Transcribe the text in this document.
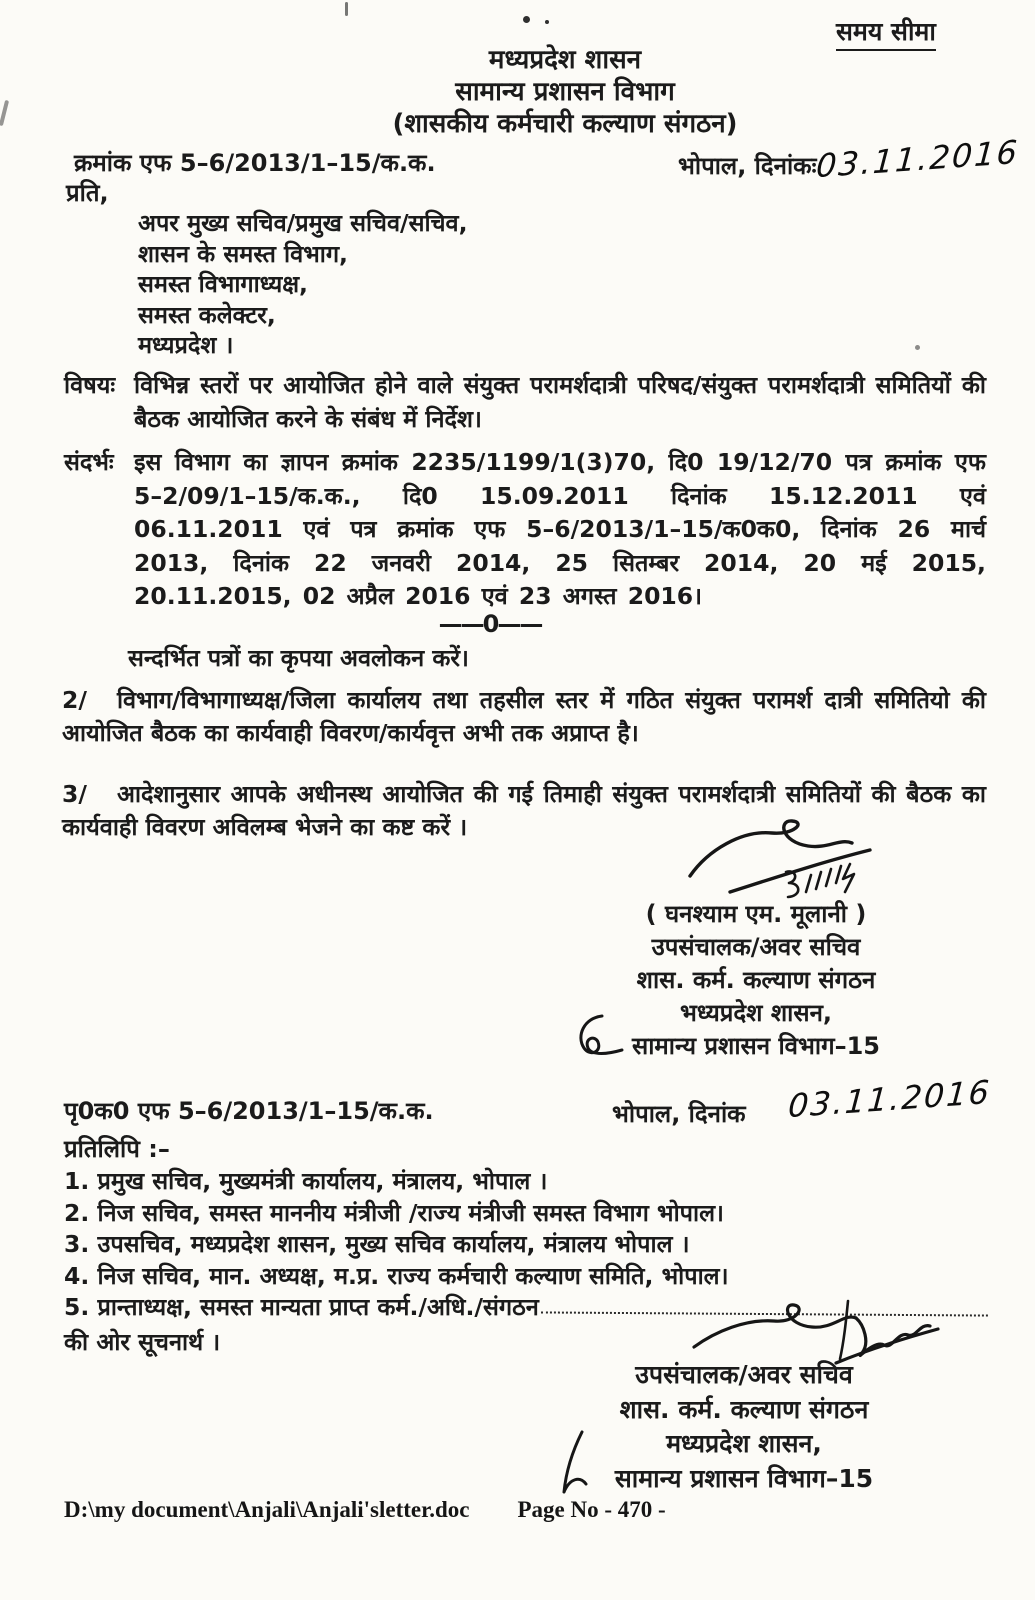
समय सीमा
मध्यप्रदेश शासन
सामान्य प्रशासन विभाग
(शासकीय कर्मचारी कल्याण संगठन)
क्रमांक एफ 5–6/2013/1–15/क.क.	भोपाल, दिनांकः
03.11.2016
प्रति,
अपर मुख्य सचिव/प्रमुख सचिव/सचिव,
शासन के समस्त विभाग,
समस्त विभागाध्यक्ष,
समस्त कलेक्टर,
मध्यप्रदेश ।
विषयः विभिन्न स्तरों पर आयोजित होने वाले संयुक्त परामर्शदात्री परिषद/संयुक्त परामर्शदात्री समितियों की बैठक आयोजित करने के संबंध में निर्देश।
संदर्भः इस विभाग का ज्ञापन क्रमांक 2235/1199/1(3)70, दि0 19/12/70 पत्र क्रमांक एफ 5–2/09/1–15/क.क., दि0 15.09.2011 दिनांक 15.12.2011 एवं 06.11.2011 एवं पत्र क्रमांक एफ 5–6/2013/1–15/क0क0, दिनांक 26 मार्च 2013, दिनांक 22 जनवरी 2014, 25 सितम्बर 2014, 20 मई 2015, 20.11.2015, 02 अप्रैल 2016 एवं 23 अगस्त 2016।
——0——
सन्दर्भित पत्रों का कृपया अवलोकन करें।
2/ विभाग/विभागाध्यक्ष/जिला कार्यालय तथा तहसील स्तर में गठित संयुक्त परामर्श दात्री समितियो की आयोजित बैठक का कार्यवाही विवरण/कार्यवृत्त अभी तक अप्राप्त है।
3/ आदेशानुसार आपके अधीनस्थ आयोजित की गई तिमाही संयुक्त परामर्शदात्री समितियों की बैठक का कार्यवाही विवरण अविलम्ब भेजने का कष्ट करें ।
( घनश्याम एम. मूलानी )
उपसंचालक/अवर सचिव
शास. कर्म. कल्याण संगठन
भध्यप्रदेश शासन,
सामान्य प्रशासन विभाग–15
पृ0क0 एफ 5–6/2013/1–15/क.क.	भोपाल, दिनांक 03.11.2016
प्रतिलिपि :–
1. प्रमुख सचिव, मुख्यमंत्री कार्यालय, मंत्रालय, भोपाल ।
2. निज सचिव, समस्त माननीय मंत्रीजी /राज्य मंत्रीजी समस्त विभाग भोपाल।
3. उपसचिव, मध्यप्रदेश शासन, मुख्य सचिव कार्यालय, मंत्रालय भोपाल ।
4. निज सचिव, मान. अध्यक्ष, म.प्र. राज्य कर्मचारी कल्याण समिति, भोपाल।
5. प्रान्ताध्यक्ष, समस्त मान्यता प्राप्त कर्म./अधि./संगठन
की ओर सूचनार्थ ।
उपसंचालक/अवर सचिव
शास. कर्म. कल्याण संगठन
मध्यप्रदेश शासन,
सामान्य प्रशासन विभाग–15
D:\my document\Anjali\Anjali'sletter.doc Page No - 470 -
